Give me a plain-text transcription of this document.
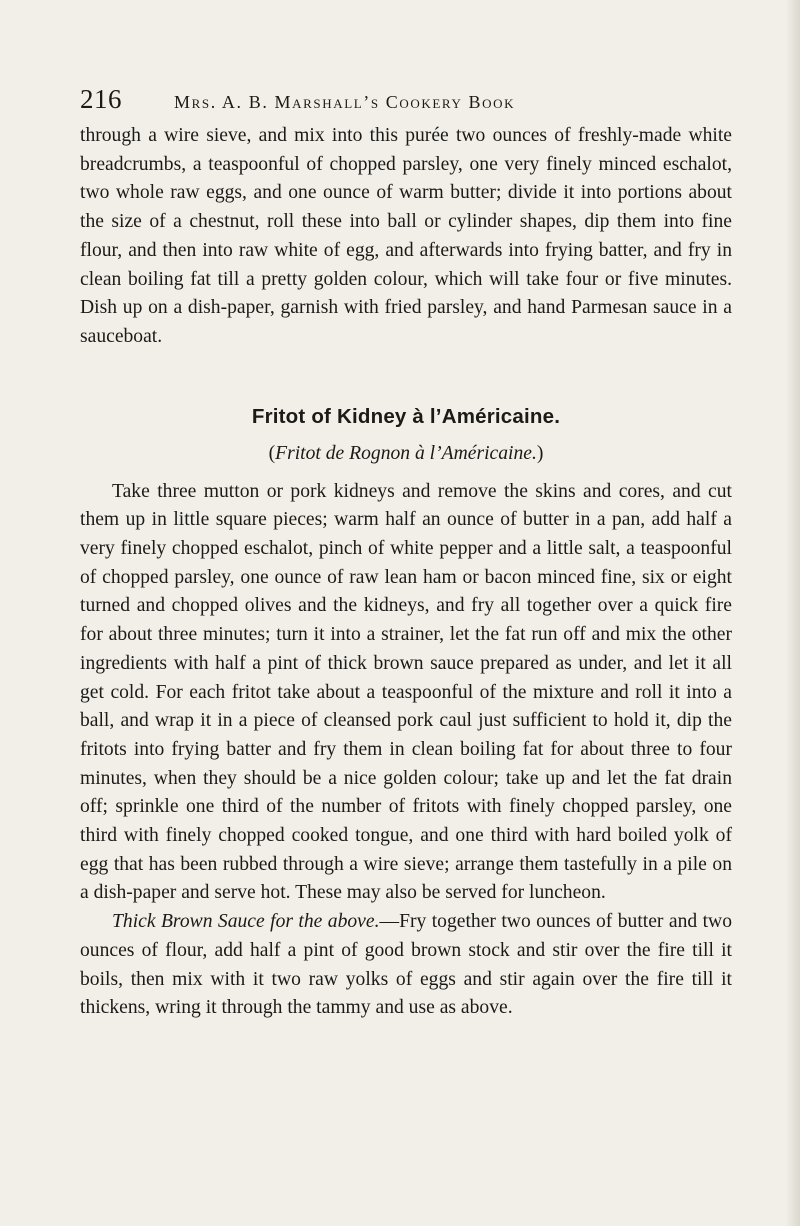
216	Mrs. A. B. Marshall’s Cookery Book

through a wire sieve, and mix into this purée two ounces of freshly-made white breadcrumbs, a teaspoonful of chopped parsley, one very finely minced eschalot, two whole raw eggs, and one ounce of warm butter; divide it into portions about the size of a chestnut, roll these into ball or cylinder shapes, dip them into fine flour, and then into raw white of egg, and afterwards into frying batter, and fry in clean boiling fat till a pretty golden colour, which will take four or five minutes. Dish up on a dish-paper, garnish with fried parsley, and hand Parmesan sauce in a sauceboat.

Fritot of Kidney à l’Américaine.

(Fritot de Rognon à l’Américaine.)

Take three mutton or pork kidneys and remove the skins and cores, and cut them up in little square pieces; warm half an ounce of butter in a pan, add half a very finely chopped eschalot, pinch of white pepper and a little salt, a teaspoonful of chopped parsley, one ounce of raw lean ham or bacon minced fine, six or eight turned and chopped olives and the kidneys, and fry all together over a quick fire for about three minutes; turn it into a strainer, let the fat run off and mix the other ingredients with half a pint of thick brown sauce prepared as under, and let it all get cold. For each fritot take about a teaspoonful of the mixture and roll it into a ball, and wrap it in a piece of cleansed pork caul just sufficient to hold it, dip the fritots into frying batter and fry them in clean boiling fat for about three to four minutes, when they should be a nice golden colour; take up and let the fat drain off; sprinkle one third of the number of fritots with finely chopped parsley, one third with finely chopped cooked tongue, and one third with hard boiled yolk of egg that has been rubbed through a wire sieve; arrange them tastefully in a pile on a dish-paper and serve hot. These may also be served for luncheon.

Thick Brown Sauce for the above.—Fry together two ounces of butter and two ounces of flour, add half a pint of good brown stock and stir over the fire till it boils, then mix with it two raw yolks of eggs and stir again over the fire till it thickens, wring it through the tammy and use as above.
